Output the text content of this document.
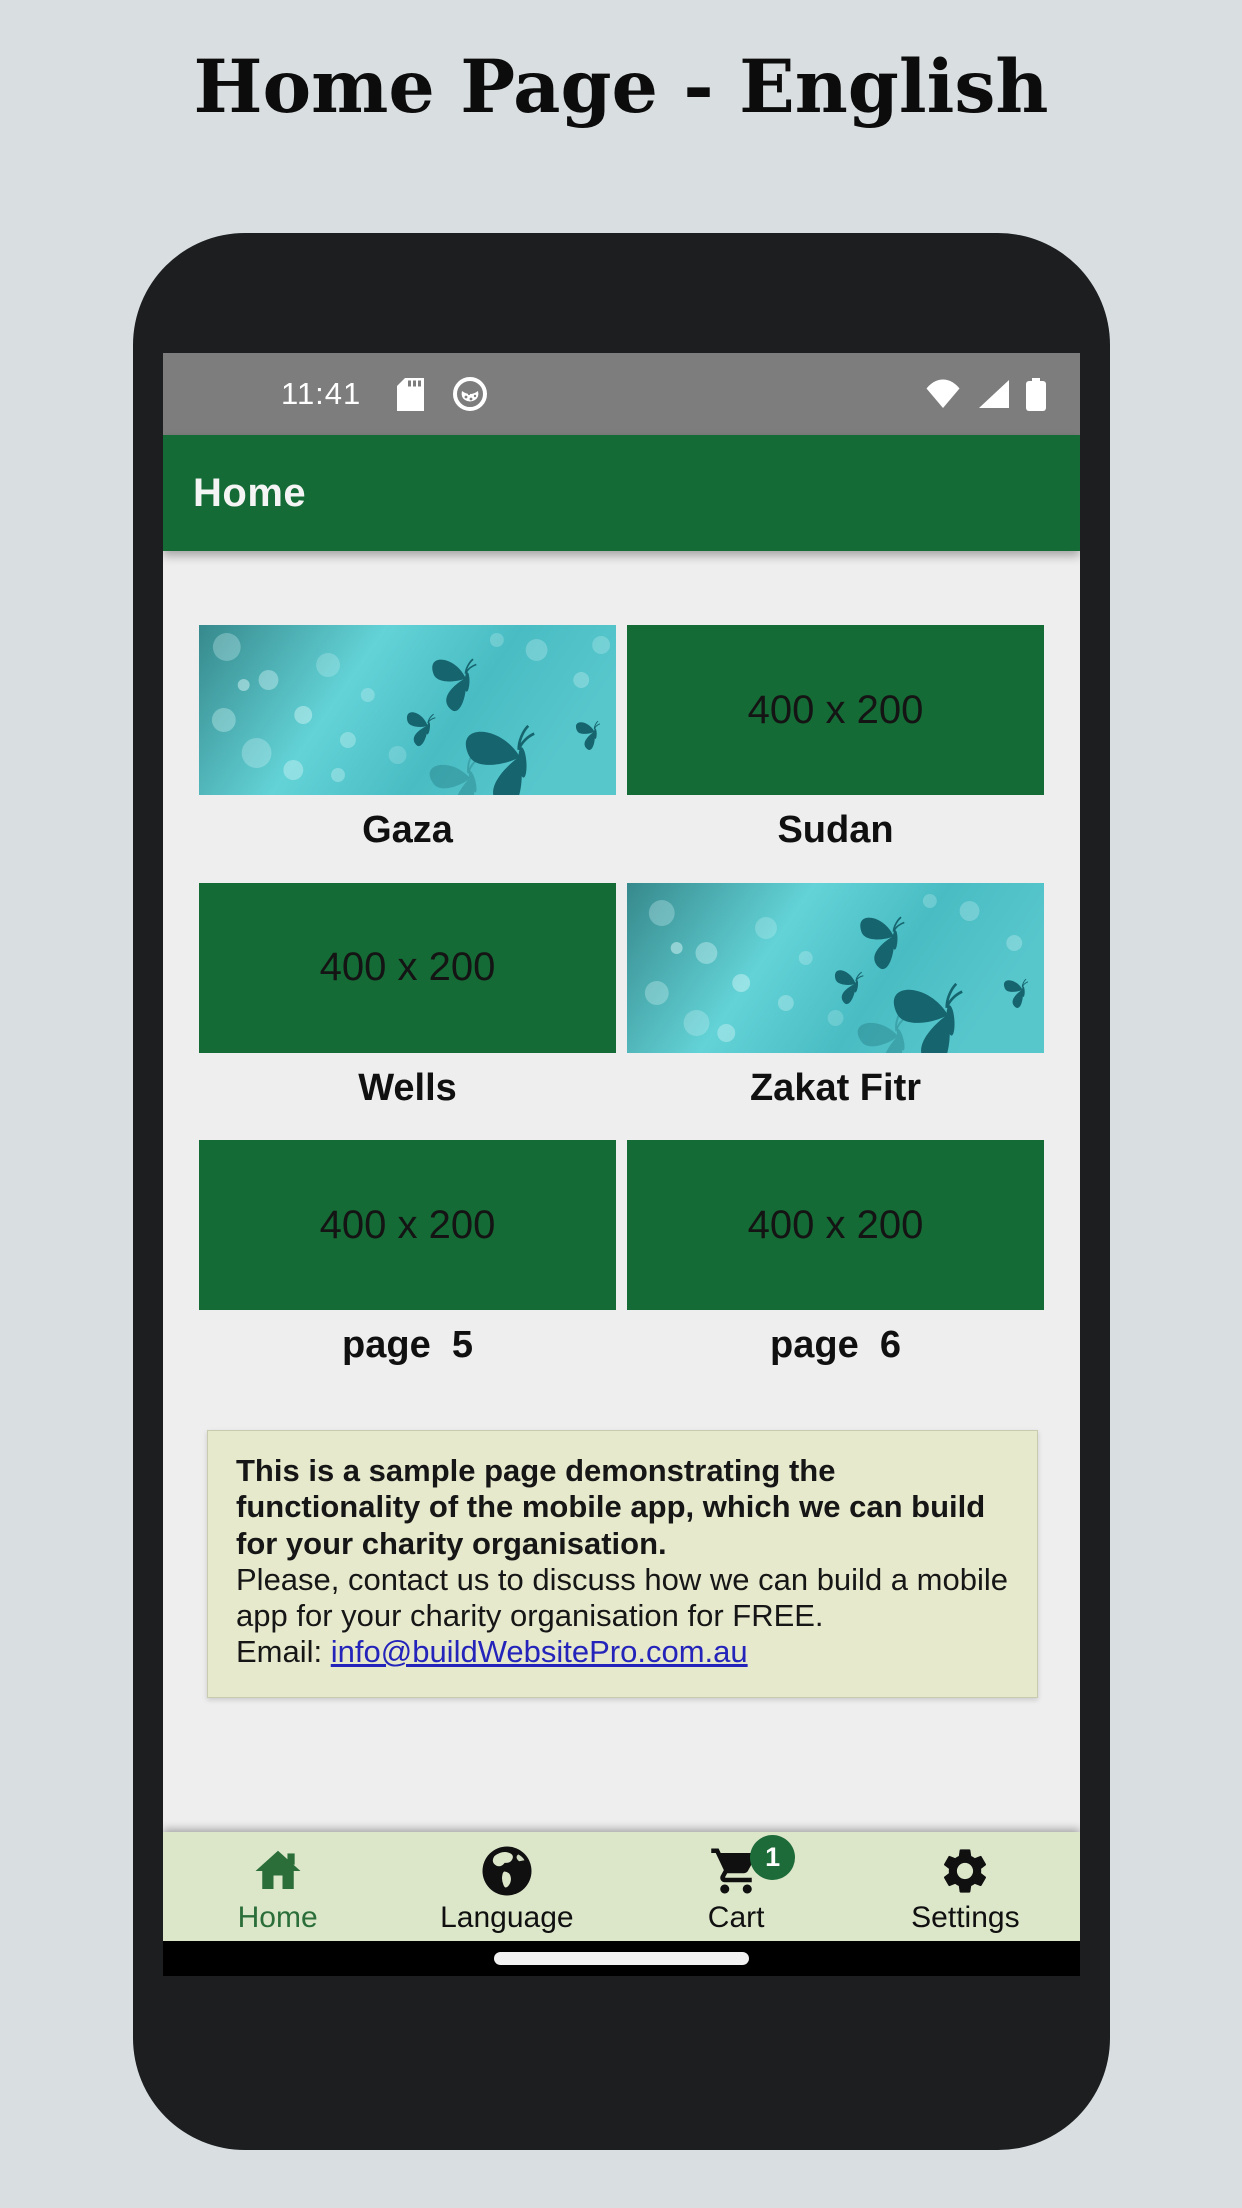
Home Page - English
11:41
Home
Gaza
400 x 200
Sudan
400 x 200
Wells	Zakat Fitr
400 x 200
page  5
400 x 200
page  6

This is a sample page demonstrating the functionality of the mobile app, which we can build for your charity organisation.

Please, contact us to discuss how we can build a mobile app for your charity organisation for FREE.

Email: info@buildWebsitePro.com.au

Home	Language
1
Cart	Settings
